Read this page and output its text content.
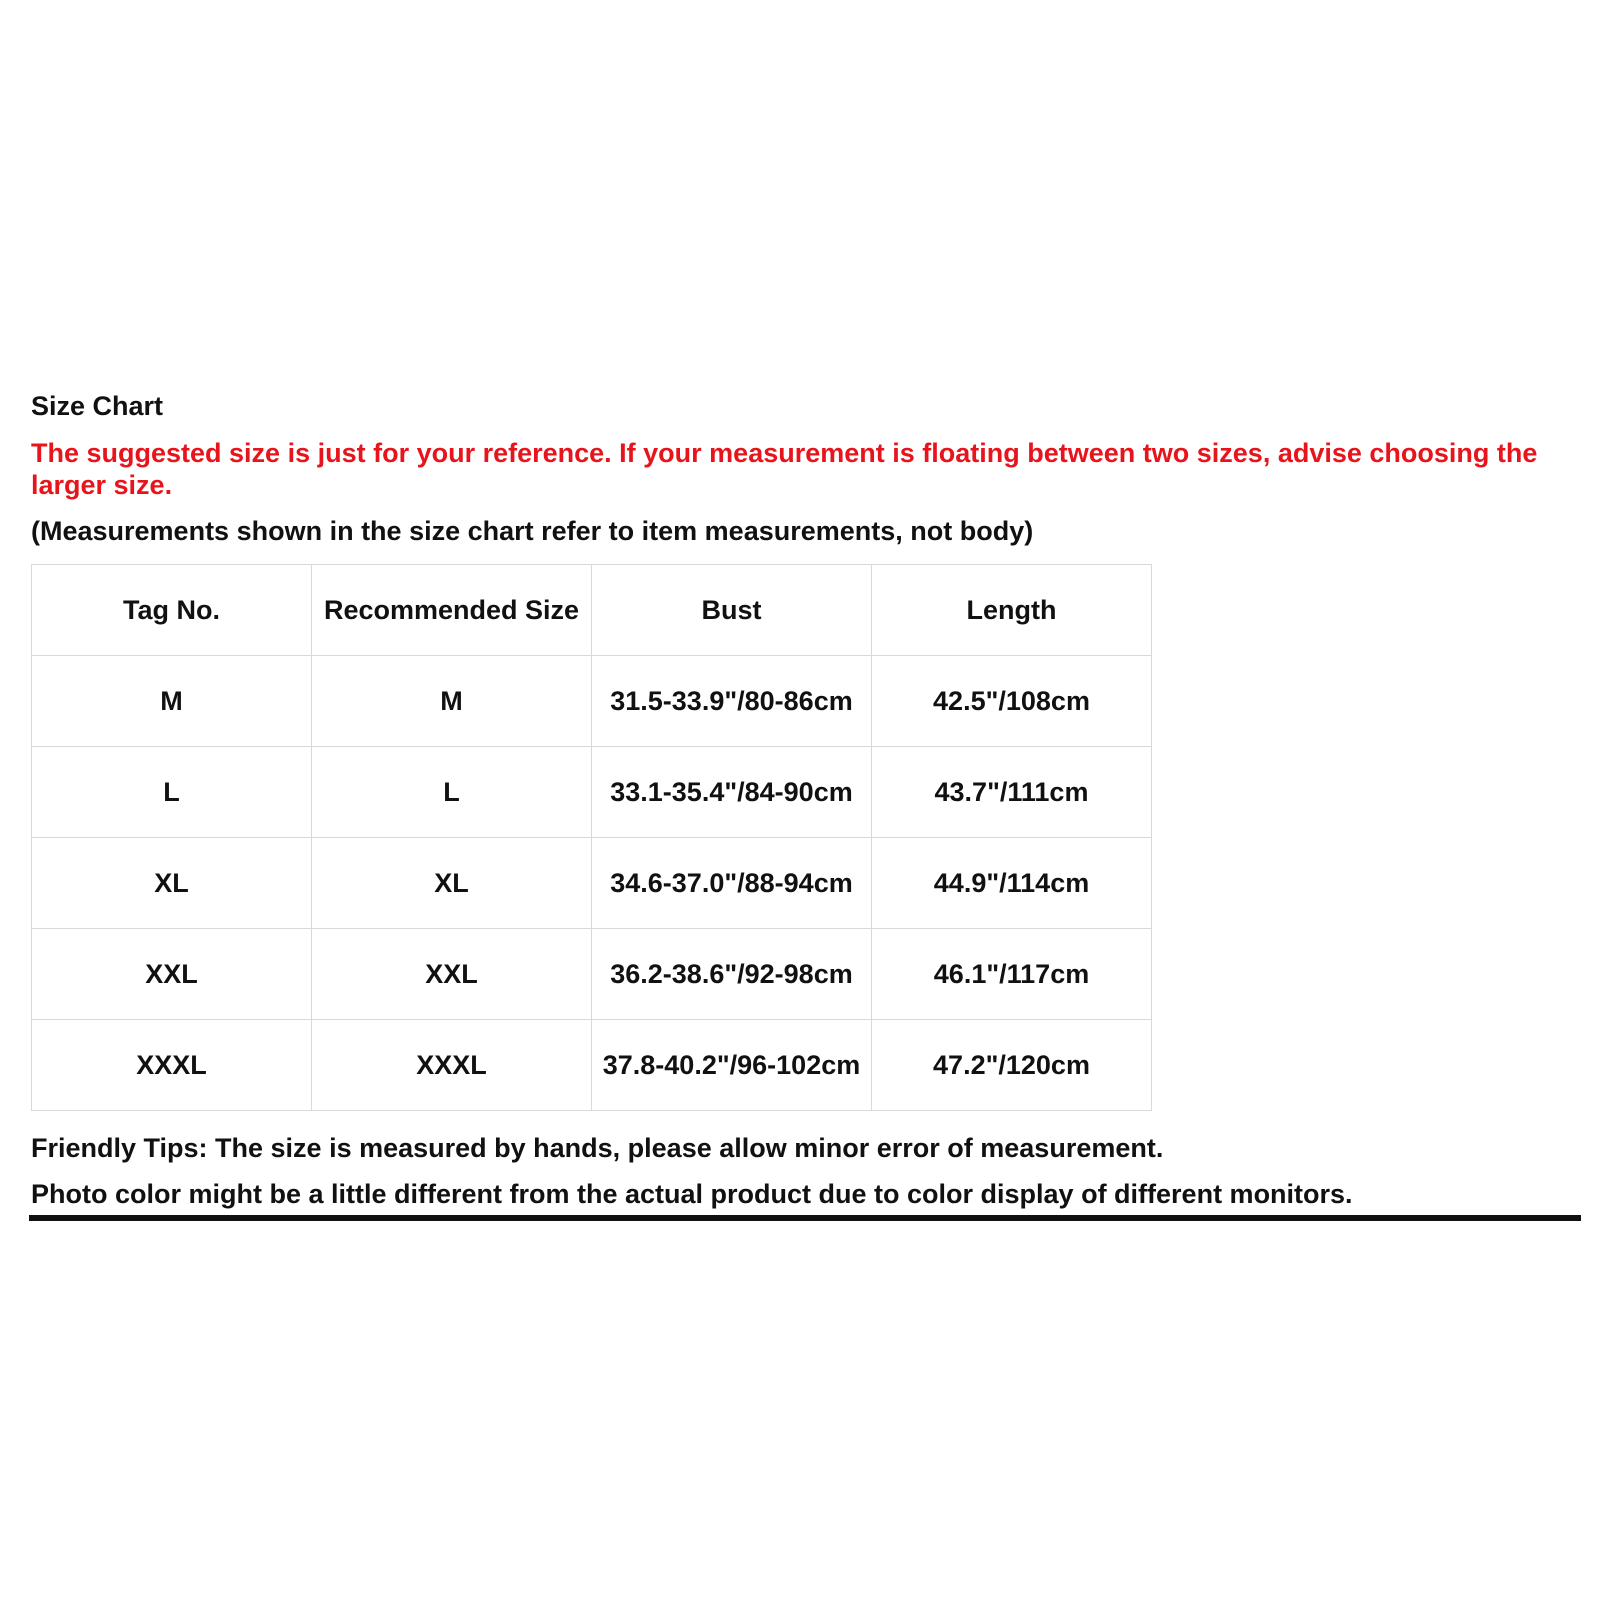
Size Chart
The suggested size is just for your reference. If your measurement is floating between two sizes, advise choosing the larger size.
(Measurements shown in the size chart refer to item measurements, not body)
Tag No.	Recommended Size	Bust	Length
M	M	31.5-33.9"/80-86cm	42.5"/108cm
L	L	33.1-35.4"/84-90cm	43.7"/111cm
XL	XL	34.6-37.0"/88-94cm	44.9"/114cm
XXL	XXL	36.2-38.6"/92-98cm	46.1"/117cm
XXXL	XXXL	37.8-40.2"/96-102cm	47.2"/120cm
Friendly Tips: The size is measured by hands, please allow minor error of measurement.
Photo color might be a little different from the actual product due to color display of different monitors.
